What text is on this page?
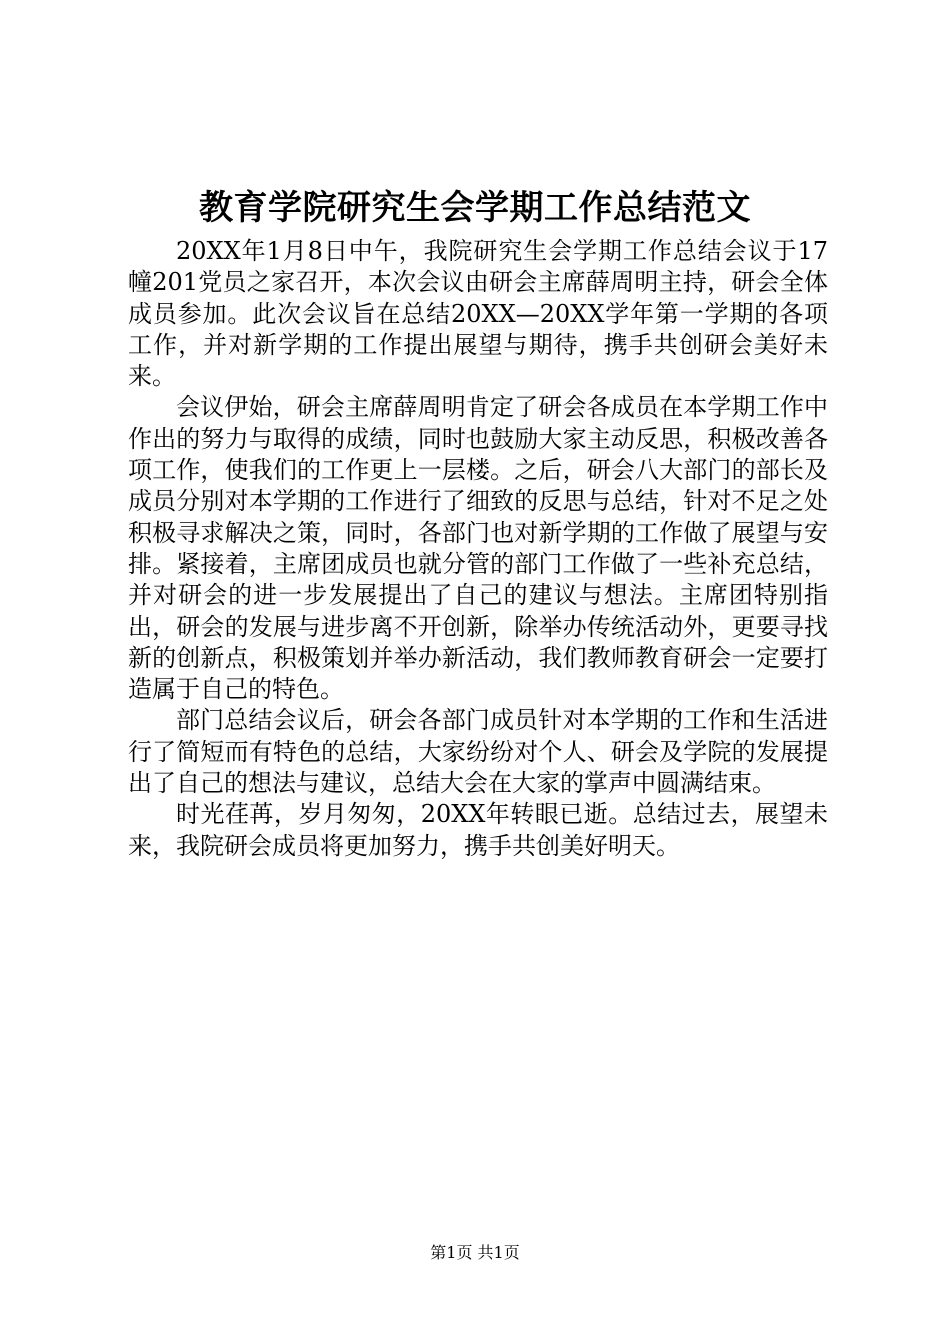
教育学院研究生会学期工作总结范文

20XX年1月8日中午，我院研究生会学期工作总结会议于17幢201党员之家召开，本次会议由研会主席薛周明主持，研会全体成员参加。此次会议旨在总结20XX—20XX学年第一学期的各项工作，并对新学期的工作提出展望与期待，携手共创研会美好未来。

会议伊始，研会主席薛周明肯定了研会各成员在本学期工作中作出的努力与取得的成绩，同时也鼓励大家主动反思，积极改善各项工作，使我们的工作更上一层楼。之后，研会八大部门的部长及成员分别对本学期的工作进行了细致的反思与总结，针对不足之处积极寻求解决之策，同时，各部门也对新学期的工作做了展望与安排。紧接着，主席团成员也就分管的部门工作做了一些补充总结，并对研会的进一步发展提出了自己的建议与想法。主席团特别指出，研会的发展与进步离不开创新，除举办传统活动外，更要寻找新的创新点，积极策划并举办新活动，我们教师教育研会一定要打造属于自己的特色。

部门总结会议后，研会各部门成员针对本学期的工作和生活进行了简短而有特色的总结，大家纷纷对个人、研会及学院的发展提出了自己的想法与建议，总结大会在大家的掌声中圆满结束。

时光荏苒，岁月匆匆，20XX年转眼已逝。总结过去，展望未来，我院研会成员将更加努力，携手共创美好明天。

第1页 共1页
